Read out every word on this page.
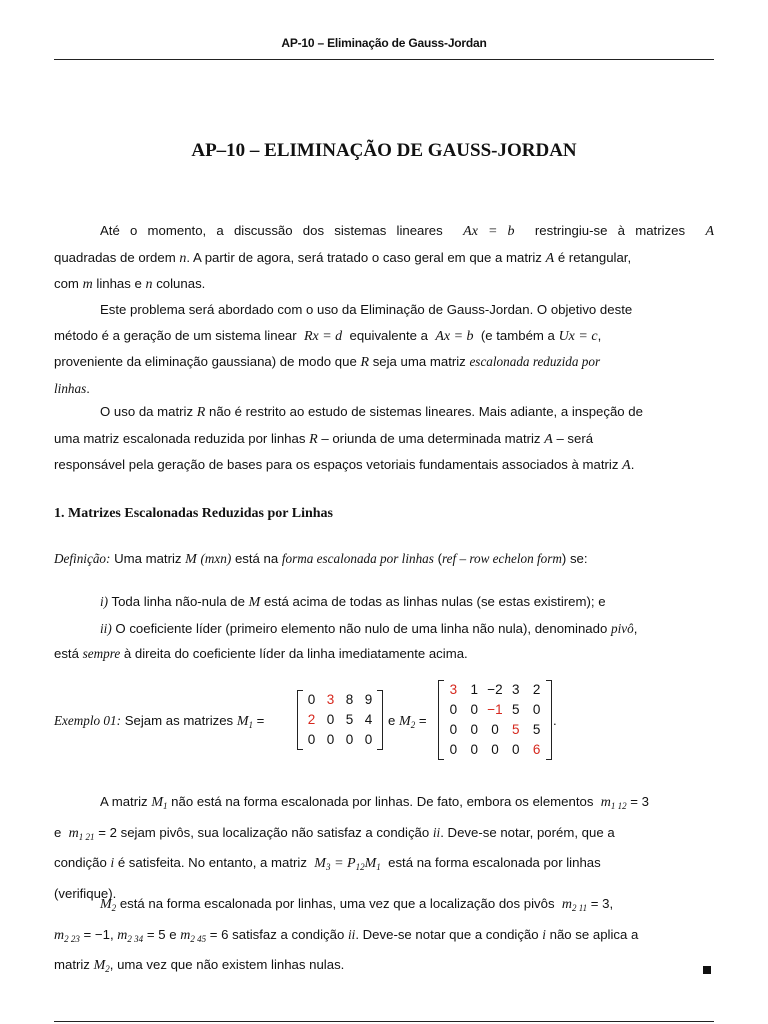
AP-10 – Eliminação de Gauss-Jordan
AP–10 – ELIMINAÇÃO DE GAUSS-JORDAN
Até o momento, a discussão dos sistemas lineares Ax = b restringiu-se à matrizes A
quadradas de ordem n. A partir de agora, será tratado o caso geral em que a matriz A é retangular,
com m linhas e n colunas.
Este problema será abordado com o uso da Eliminação de Gauss-Jordan. O objetivo deste
método é a geração de um sistema linear Rx = d equivalente a Ax = b (e também a Ux = c,
proveniente da eliminação gaussiana) de modo que R seja uma matriz escalonada reduzida por
linhas.
O uso da matriz R não é restrito ao estudo de sistemas lineares. Mais adiante, a inspeção de
uma matriz escalonada reduzida por linhas R – oriunda de uma determinada matriz A – será
responsável pela geração de bases para os espaços vetoriais fundamentais associados à matriz A.
1. Matrizes Escalonadas Reduzidas por Linhas
Definição: Uma matriz M (mxn) está na forma escalonada por linhas (ref – row echelon form) se:
i) Toda linha não-nula de M está acima de todas as linhas nulas (se estas existirem); e
ii) O coeficiente líder (primeiro elemento não nulo de uma linha não nula), denominado pivô,
está sempre à direita do coeficiente líder da linha imediatamente acima.
Exemplo 01: Sejam as matrizes $M_1$ =
0 3 8 9
2 0 5 4
0 0 0 0
e $M_2$ =
3 1 −2 3 2
0 0 −1 5 0
0 0 0 5 5
0 0 0 0 6
.
A matriz $M_1$ não está na forma escalonada por linhas. De fato, embora os elementos $m_{1 12} = 3$
e $m_{1 21} = 2$ sejam pivôs, sua localização não satisfaz a condição ii. Deve-se notar, porém, que a
condição i é satisfeita. No entanto, a matriz $M_3 = P_{12}M_1$ está na forma escalonada por linhas
(verifique).
$M_2$ está na forma escalonada por linhas, uma vez que a localização dos pivôs $m_{2 11} = 3$,
$m_{2 23} = -1$, $m_{2 34} = 5$ e $m_{2 45} = 6$ satisfaz a condição ii. Deve-se notar que a condição i não se aplica a
matriz $M_2$, uma vez que não existem linhas nulas.
